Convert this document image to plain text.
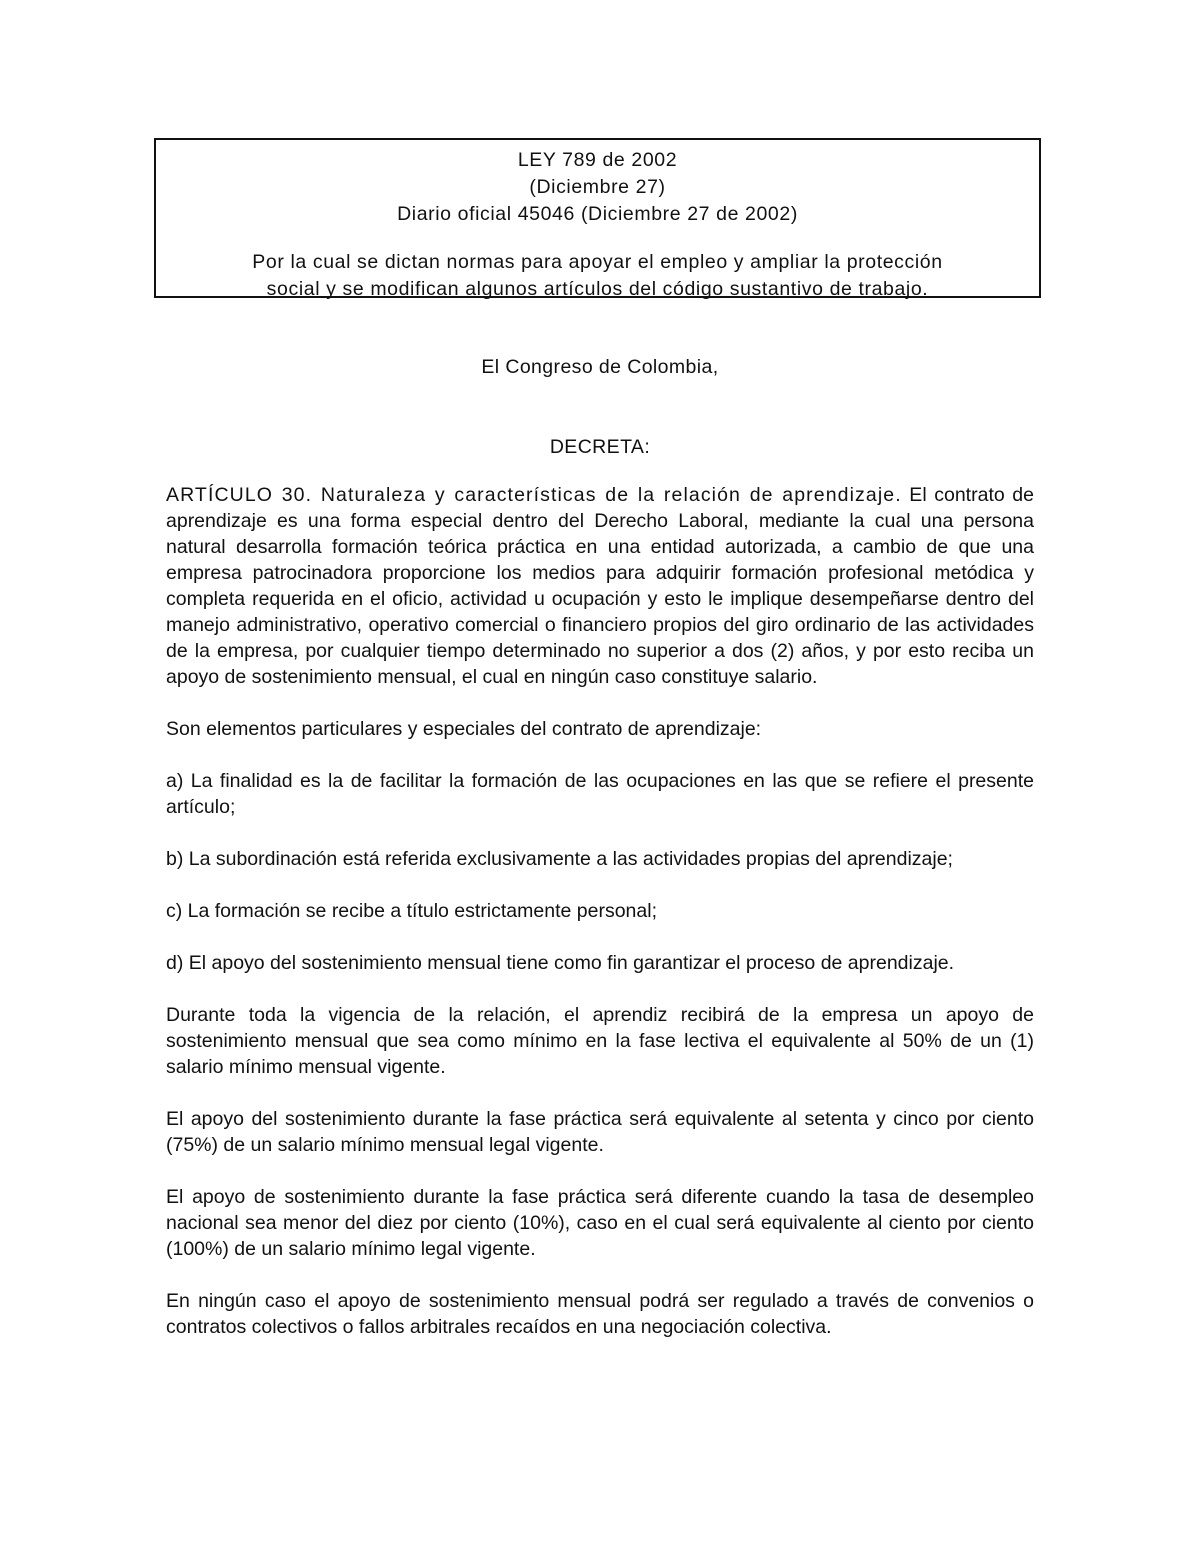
LEY 789 de 2002
(Diciembre 27)
Diario oficial 45046 (Diciembre 27 de 2002)
Por la cual se dictan normas para apoyar el empleo y ampliar la protección
social y se modifican algunos artículos del código sustantivo de trabajo.
El Congreso de Colombia,
DECRETA:

ARTÍCULO 30. Naturaleza y características de la relación de aprendizaje. El contrato de aprendizaje es una forma especial dentro del Derecho Laboral, mediante la cual una persona natural desarrolla formación teórica práctica en una entidad autorizada, a cambio de que una empresa patrocinadora proporcione los medios para adquirir formación profesional metódica y completa requerida en el oficio, actividad u ocupación y esto le implique desempeñarse dentro del manejo administrativo, operativo comercial o financiero propios del giro ordinario de las actividades de la empresa, por cualquier tiempo determinado no superior a dos (2) años, y por esto reciba un apoyo de sostenimiento mensual, el cual en ningún caso constituye salario.

Son elementos particulares y especiales del contrato de aprendizaje:

a) La finalidad es la de facilitar la formación de las ocupaciones en las que se refiere el presente artículo;

b) La subordinación está referida exclusivamente a las actividades propias del aprendizaje;

c) La formación se recibe a título estrictamente personal;

d) El apoyo del sostenimiento mensual tiene como fin garantizar el proceso de aprendizaje.

Durante toda la vigencia de la relación, el aprendiz recibirá de la empresa un apoyo de sostenimiento mensual que sea como mínimo en la fase lectiva el equivalente al 50% de un (1) salario mínimo mensual vigente.

El apoyo del sostenimiento durante la fase práctica será equivalente al setenta y cinco por ciento (75%) de un salario mínimo mensual legal vigente.

El apoyo de sostenimiento durante la fase práctica será diferente cuando la tasa de desempleo nacional sea menor del diez por ciento (10%), caso en el cual será equivalente al ciento por ciento (100%) de un salario mínimo legal vigente.

En ningún caso el apoyo de sostenimiento mensual podrá ser regulado a través de convenios o contratos colectivos o fallos arbitrales recaídos en una negociación colectiva.
